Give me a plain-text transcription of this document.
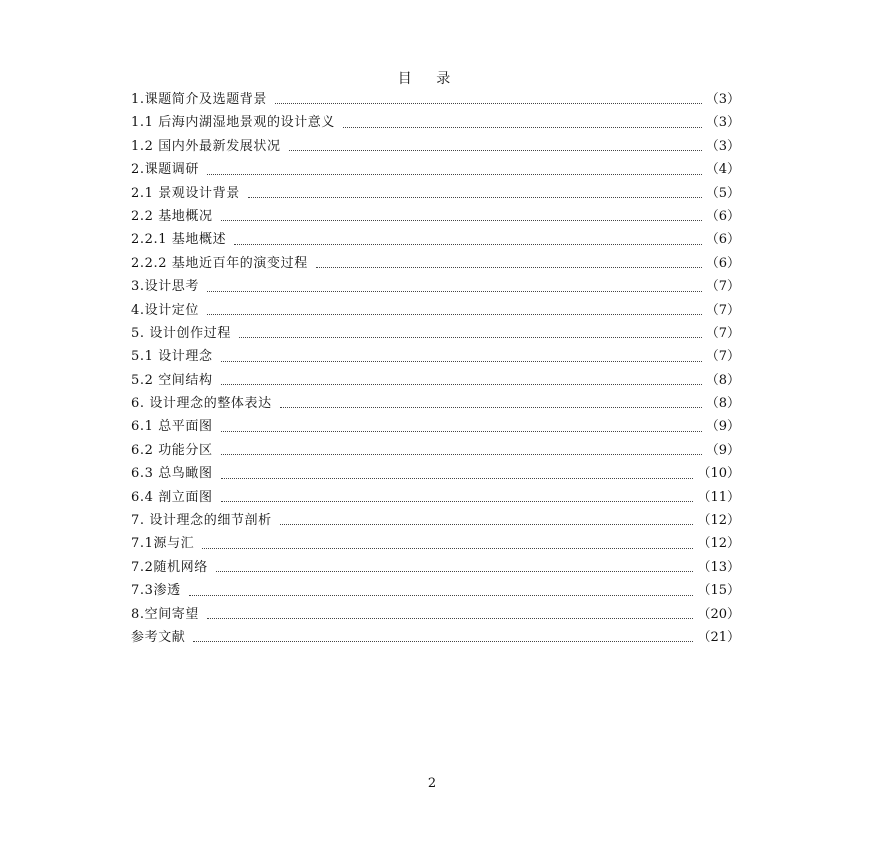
目 录
1.课题简介及选题背景	（3）
1.1 后海内湖湿地景观的设计意义	（3）
1.2 国内外最新发展状况	（3）
2.课题调研	（4）
2.1 景观设计背景	（5）
2.2 基地概况	（6）
2.2.1 基地概述	（6）
2.2.2 基地近百年的演变过程	（6）
3.设计思考	（7）
4.设计定位	（7）
5. 设计创作过程	（7）
5.1 设计理念	（7）
5.2 空间结构	（8）
6. 设计理念的整体表达	（8）
6.1 总平面图	（9）
6.2 功能分区	（9）
6.3 总鸟瞰图	（10）
6.4 剖立面图	（11）
7. 设计理念的细节剖析	（12）
7.1源与汇	（12）
7.2随机网络	（13）
7.3渗透	（15）
8.空间寄望	（20）
参考文献	（21）
2
